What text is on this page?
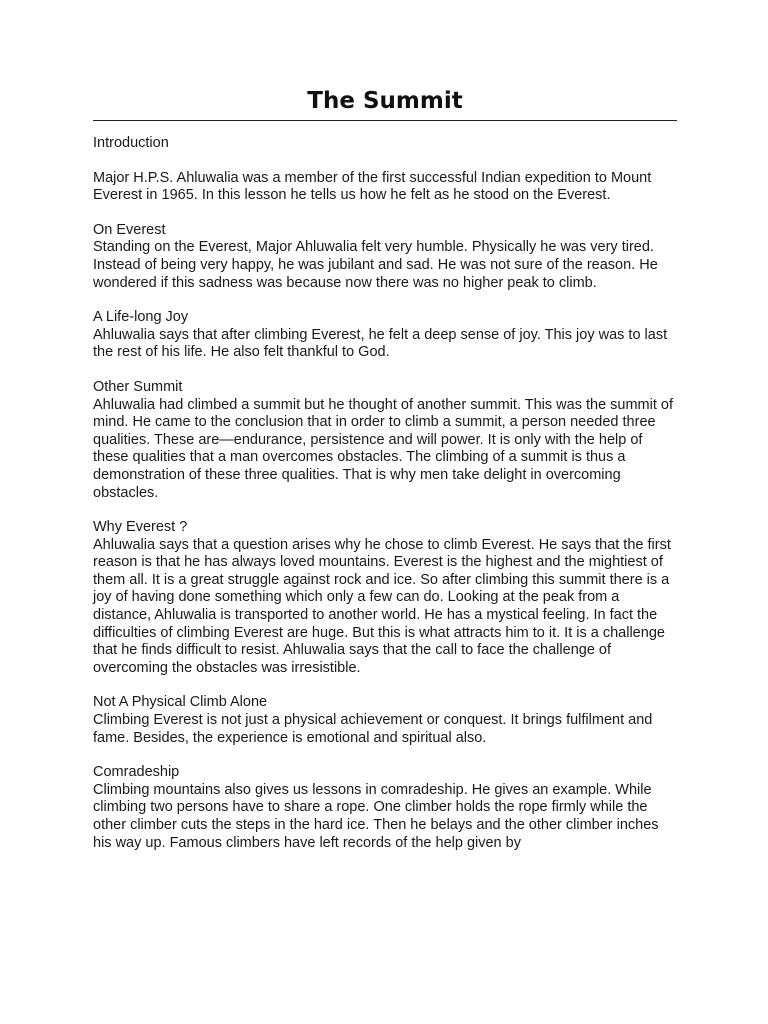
The Summit

Introduction

Major H.P.S. Ahluwalia was a member of the first successful Indian expedition to Mount Everest in 1965. In this lesson he tells us how he felt as he stood on the Everest.

On Everest

Standing on the Everest, Major Ahluwalia felt very humble. Physically he was very tired. Instead of being very happy, he was jubilant and sad. He was not sure of the reason. He wondered if this sadness was because now there was no higher peak to climb.

A Life-long Joy

Ahluwalia says that after climbing Everest, he felt a deep sense of joy. This joy was to last the rest of his life. He also felt thankful to God.

Other Summit

Ahluwalia had climbed a summit but he thought of another summit. This was the summit of mind. He came to the conclusion that in order to climb a summit, a person needed three qualities. These are—endurance, persistence and will power. It is only with the help of these qualities that a man overcomes obstacles. The climbing of a summit is thus a demonstration of these three qualities. That is why men take delight in overcoming obstacles.

Why Everest ?

Ahluwalia says that a question arises why he chose to climb Everest. He says that the first reason is that he has always loved mountains. Everest is the highest and the mightiest of them all. It is a great struggle against rock and ice. So after climbing this summit there is a joy of having done something which only a few can do. Looking at the peak from a distance, Ahluwalia is transported to another world. He has a mystical feeling. In fact the difficulties of climbing Everest are huge. But this is what attracts him to it. It is a challenge that he finds difficult to resist. Ahluwalia says that the call to face the challenge of overcoming the obstacles was irresistible.

Not A Physical Climb Alone

Climbing Everest is not just a physical achievement or conquest. It brings fulfilment and fame. Besides, the experience is emotional and spiritual also.

Comradeship

Climbing mountains also gives us lessons in comradeship. He gives an example. While climbing two persons have to share a rope. One climber holds the rope firmly while the other climber cuts the steps in the hard ice. Then he belays and the other climber inches his way up. Famous climbers have left records of the help given by
